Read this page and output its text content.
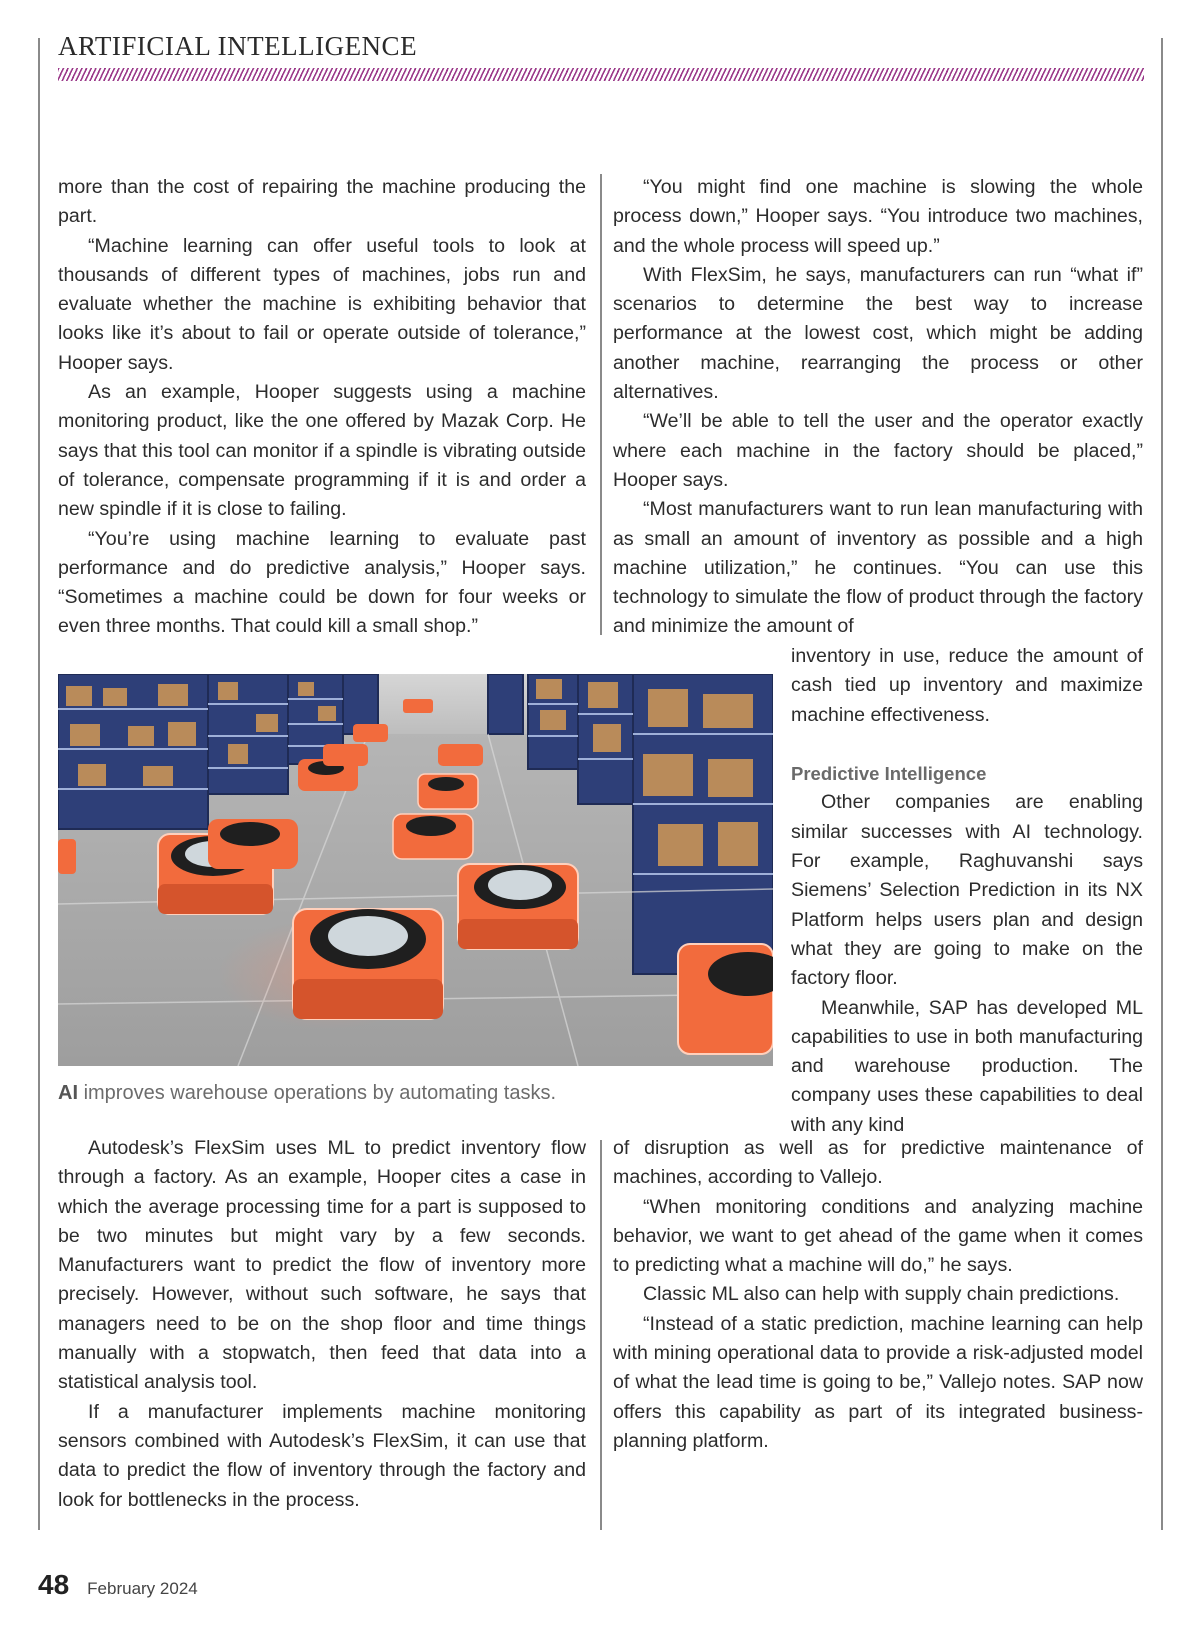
ARTIFICIAL INTELLIGENCE

more than the cost of repairing the machine producing the part.

“Machine learning can offer useful tools to look at thousands of different types of machines, jobs run and evaluate whether the machine is exhibiting behavior that looks like it’s about to fail or operate outside of tolerance,” Hooper says.

As an example, Hooper suggests using a machine monitoring product, like the one offered by Mazak Corp. He says that this tool can monitor if a spindle is vibrating outside of tolerance, compensate programming if it is and order a new spindle if it is close to failing.

“You’re using machine learning to evaluate past performance and do predictive analysis,” Hooper says. “Sometimes a machine could be down for four weeks or even three months. That could kill a small shop.”

“You might find one machine is slowing the whole process down,” Hooper says. “You introduce two machines, and the whole process will speed up.”

With FlexSim, he says, manufacturers can run “what if” scenarios to determine the best way to increase performance at the lowest cost, which might be adding another machine, rearranging the process or other alternatives.

“We’ll be able to tell the user and the operator exactly where each machine in the factory should be placed,” Hooper says.

“Most manufacturers want to run lean manufacturing with as small an amount of inventory as possible and a high machine utilization,” he continues. “You can use this technology to simulate the flow of product through the factory and minimize the amount of

inventory in use, reduce the amount of cash tied up inventory and maximize machine effectiveness.

Predictive Intelligence

Other companies are enabling similar successes with AI technology. For example, Raghuvanshi says Siemens’ Selection Prediction in its NX Platform helps users plan and design what they are going to make on the factory floor.

Meanwhile, SAP has developed ML capabilities to use in both manufacturing and warehouse production. The company uses these capabilities to deal with any kind

AI improves warehouse operations by automating tasks.

of disruption as well as for predictive maintenance of machines, according to Vallejo.

“When monitoring conditions and analyzing machine behavior, we want to get ahead of the game when it comes to predicting what a machine will do,” he says.

Classic ML also can help with supply chain predictions.

“Instead of a static prediction, machine learning can help with mining operational data to provide a risk-adjusted model of what the lead time is going to be,” Vallejo notes. SAP now offers this capability as part of its integrated business-planning platform.

Autodesk’s FlexSim uses ML to predict inventory flow through a factory. As an example, Hooper cites a case in which the average processing time for a part is supposed to be two minutes but might vary by a few seconds. Manufacturers want to predict the flow of inventory more precisely. However, without such software, he says that managers need to be on the shop floor and time things manually with a stopwatch, then feed that data into a statistical analysis tool.

If a manufacturer implements machine monitoring sensors combined with Autodesk’s FlexSim, it can use that data to predict the flow of inventory through the factory and look for bottlenecks in the process.

48 February 2024
